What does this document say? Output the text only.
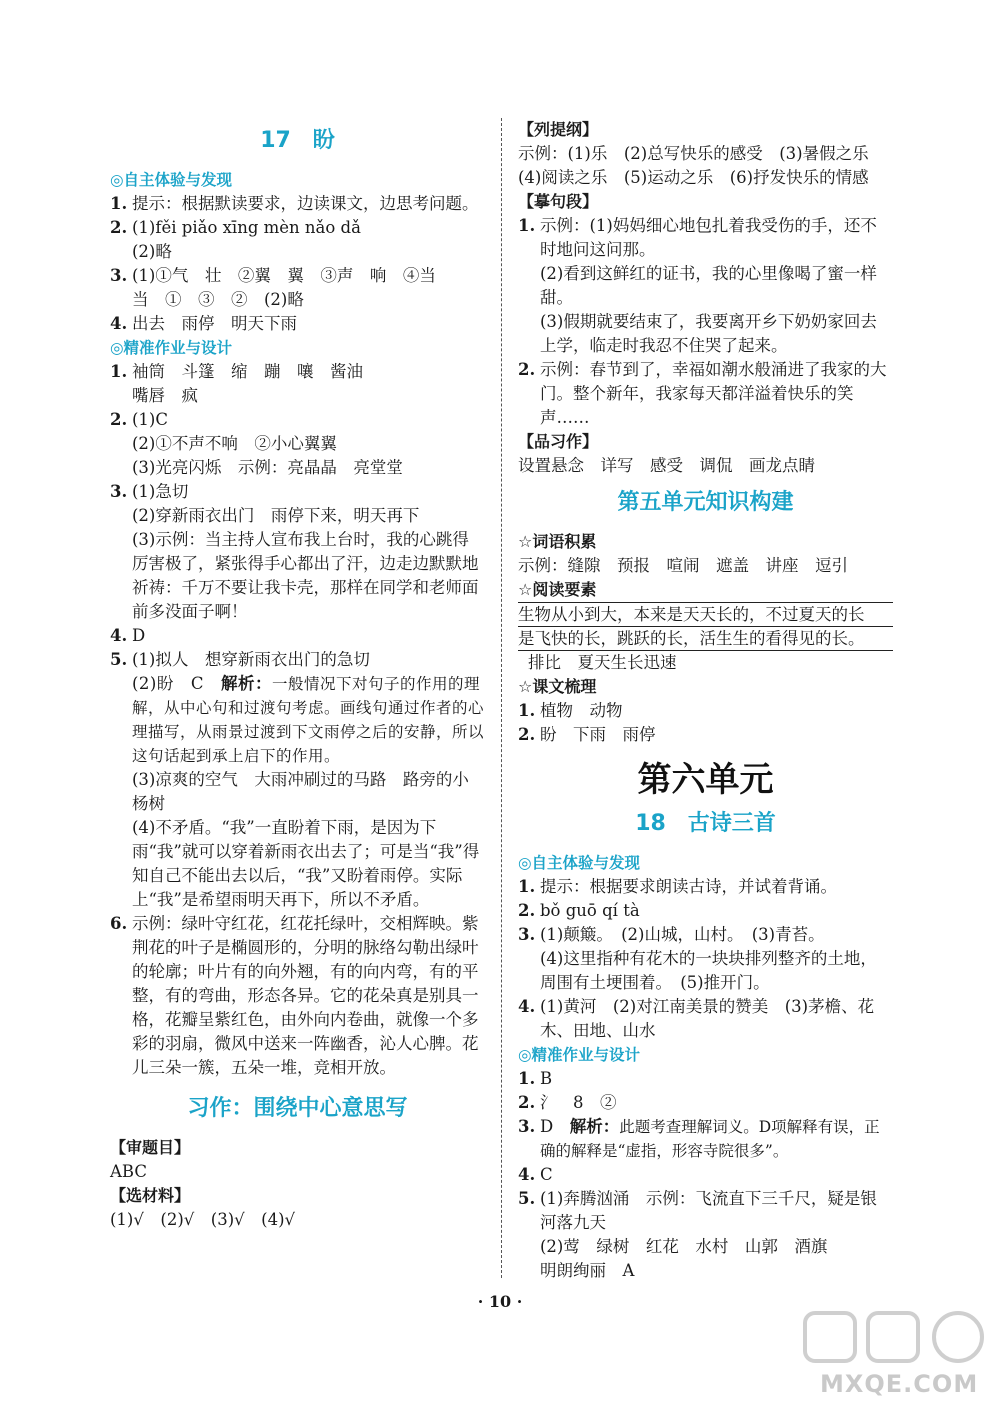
17　盼
◎自主体验与发现
1. 提示：根据默读要求，边读课文，边思考问题。
2. (1)fěi piǎo xīng mèn nǎo dǎ
(2)略
3. (1)①气　壮　②翼　翼　③声　响　④当
当　①　③　②　(2)略
4. 出去　雨停　明天下雨
◎精准作业与设计
1. 袖筒　斗篷　缩　蹦　嚷　酱油
嘴唇　疯
2. (1)C
(2)①不声不响　②小心翼翼
(3)光亮闪烁　示例：亮晶晶　亮堂堂
3. (1)急切
(2)穿新雨衣出门　雨停下来，明天再下
(3)示例：当主持人宣布我上台时，我的心跳得厉害极了，紧张得手心都出了汗，边走边默默地祈祷：千万不要让我卡壳，那样在同学和老师面前多没面子啊！
4. D
5. (1)拟人　想穿新雨衣出门的急切
(2)盼　C　解析：一般情况下对句子的作用的理解，从中心句和过渡句考虑。画线句通过作者的心理描写，从雨景过渡到下文雨停之后的安静，所以这句话起到承上启下的作用。
(3)凉爽的空气　大雨冲刷过的马路　路旁的小杨树
(4)不矛盾。“我”一直盼着下雨，是因为下雨“我”就可以穿着新雨衣出去了；可是当“我”得知自己不能出去以后，“我”又盼着雨停。实际上“我”是希望雨明天再下，所以不矛盾。
6. 示例：绿叶守红花，红花托绿叶，交相辉映。紫荆花的叶子是椭圆形的，分明的脉络勾勒出绿叶的轮廓；叶片有的向外翘，有的向内弯，有的平整，有的弯曲，形态各异。它的花朵真是别具一格，花瓣呈紫红色，由外向内卷曲，就像一个多彩的羽扇，微风中送来一阵幽香，沁人心脾。花儿三朵一簇，五朵一堆，竞相开放。
习作：围绕中心意思写
【审题目】
ABC
【选材料】
(1)√　(2)√　(3)√　(4)√
【列提纲】
示例：(1)乐　(2)总写快乐的感受　(3)暑假之乐　(4)阅读之乐　(5)运动之乐　(6)抒发快乐的情感
【摹句段】
1. 示例：(1)妈妈细心地包扎着我受伤的手，还不时地问这问那。
(2)看到这鲜红的证书，我的心里像喝了蜜一样甜。
(3)假期就要结束了，我要离开乡下奶奶家回去上学，临走时我忍不住哭了起来。
2. 示例：春节到了，幸福如潮水般涌进了我家的大门。整个新年，我家每天都洋溢着快乐的笑声……
【品习作】
设置悬念　详写　感受　调侃　画龙点睛
第五单元知识构建
☆词语积累
示例：缝隙　预报　喧闹　遮盖　讲座　逗引
☆阅读要素
生物从小到大，本来是天天长的，不过夏天的长
是飞快的长，跳跃的长，活生生的看得见的长。
排比　夏天生长迅速
☆课文梳理
1. 植物　动物
2. 盼　下雨　雨停
第六单元
18　古诗三首
◎自主体验与发现
1. 提示：根据要求朗读古诗，并试着背诵。
2. bǒ guō qí tà
3. (1)颠簸。　(2)山城，山村。　(3)青苔。
(4)这里指种有花木的一块块排列整齐的土地，周围有土埂围着。　(5)推开门。
4. (1)黄河　(2)对江南美景的赞美　(3)茅檐、花木、田地、山水
◎精准作业与设计
1. B
2. 氵　8　②
3. D　解析：此题考查理解词义。D项解释有误，正确的解释是“虚指，形容寺院很多”。
4. C
5. (1)奔腾汹涌　示例：飞流直下三千尺，疑是银河落九天
(2)莺　绿树　红花　水村　山郭　酒旗
明朗绚丽　A
· 10 ·
MXQE.COM
